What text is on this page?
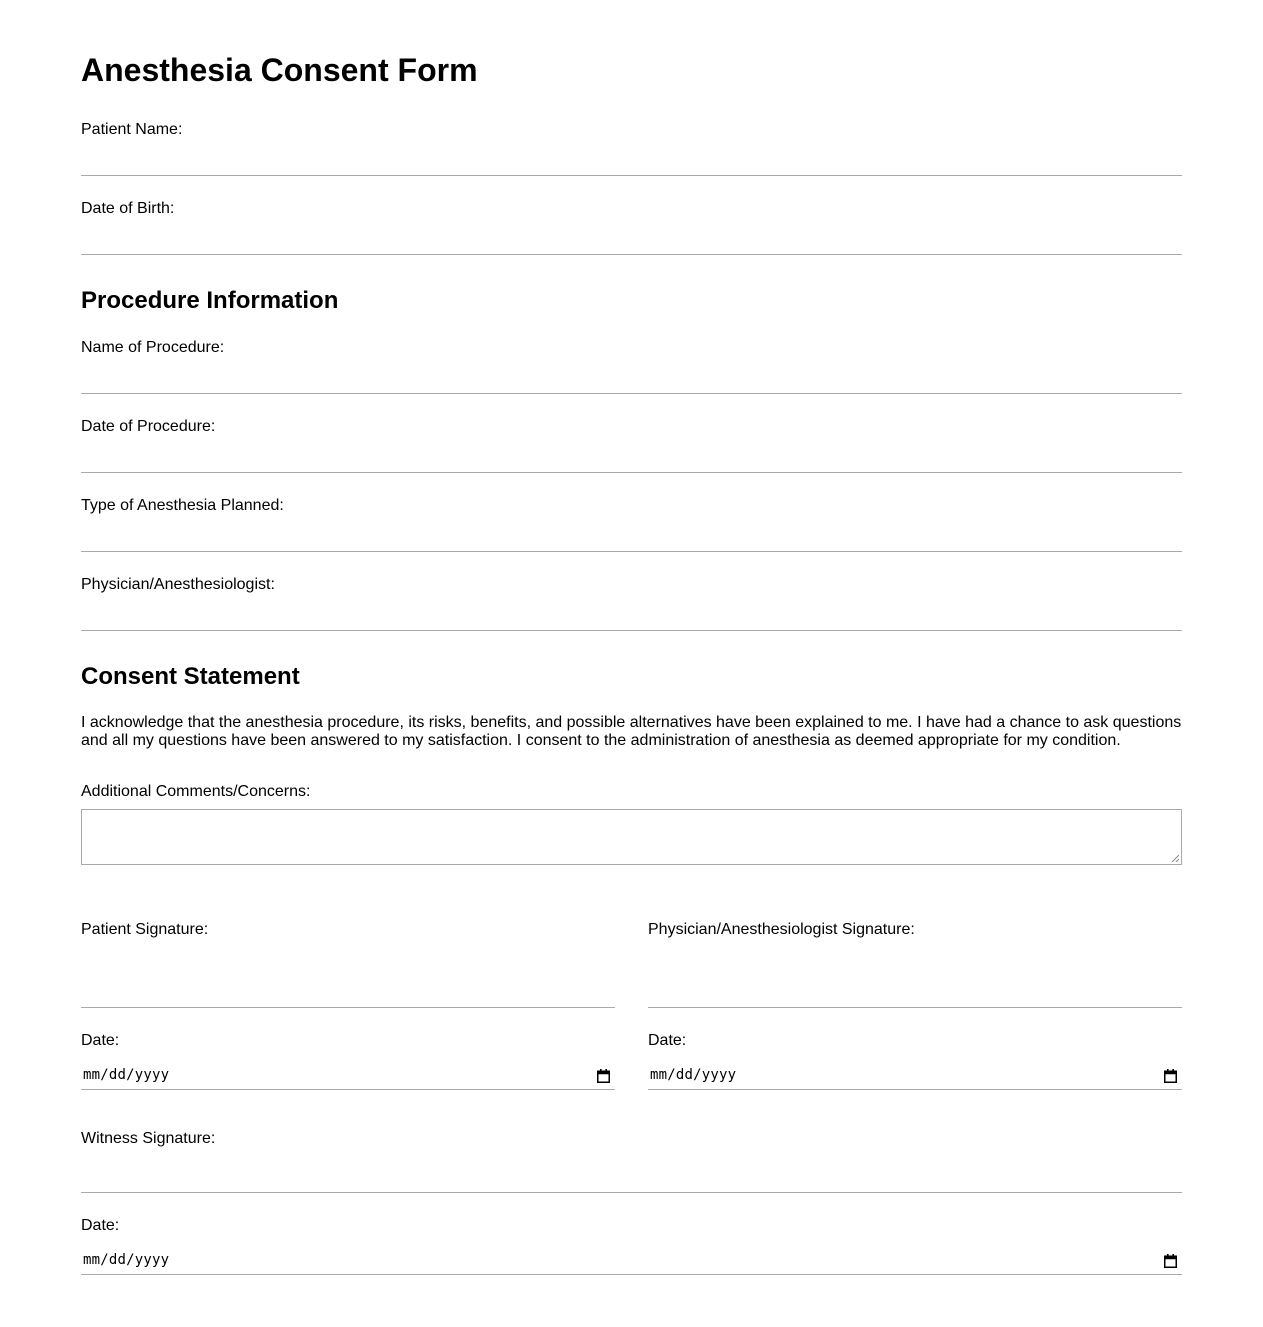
Anesthesia Consent Form
Patient Name:
Date of Birth:
Procedure Information
Name of Procedure:
Date of Procedure:
Type of Anesthesia Planned:
Physician/Anesthesiologist:
Consent Statement

I acknowledge that the anesthesia procedure, its risks, benefits, and possible alternatives have been explained to me. I have had a chance to ask questions and all my questions have been answered to my satisfaction. I consent to the administration of anesthesia as deemed appropriate for my condition.

Additional Comments/Concerns:
Patient Signature:
Date:
mm/dd/yyyy
Physician/Anesthesiologist Signature:
Date:
mm/dd/yyyy
Witness Signature:
Date:
mm/dd/yyyy
